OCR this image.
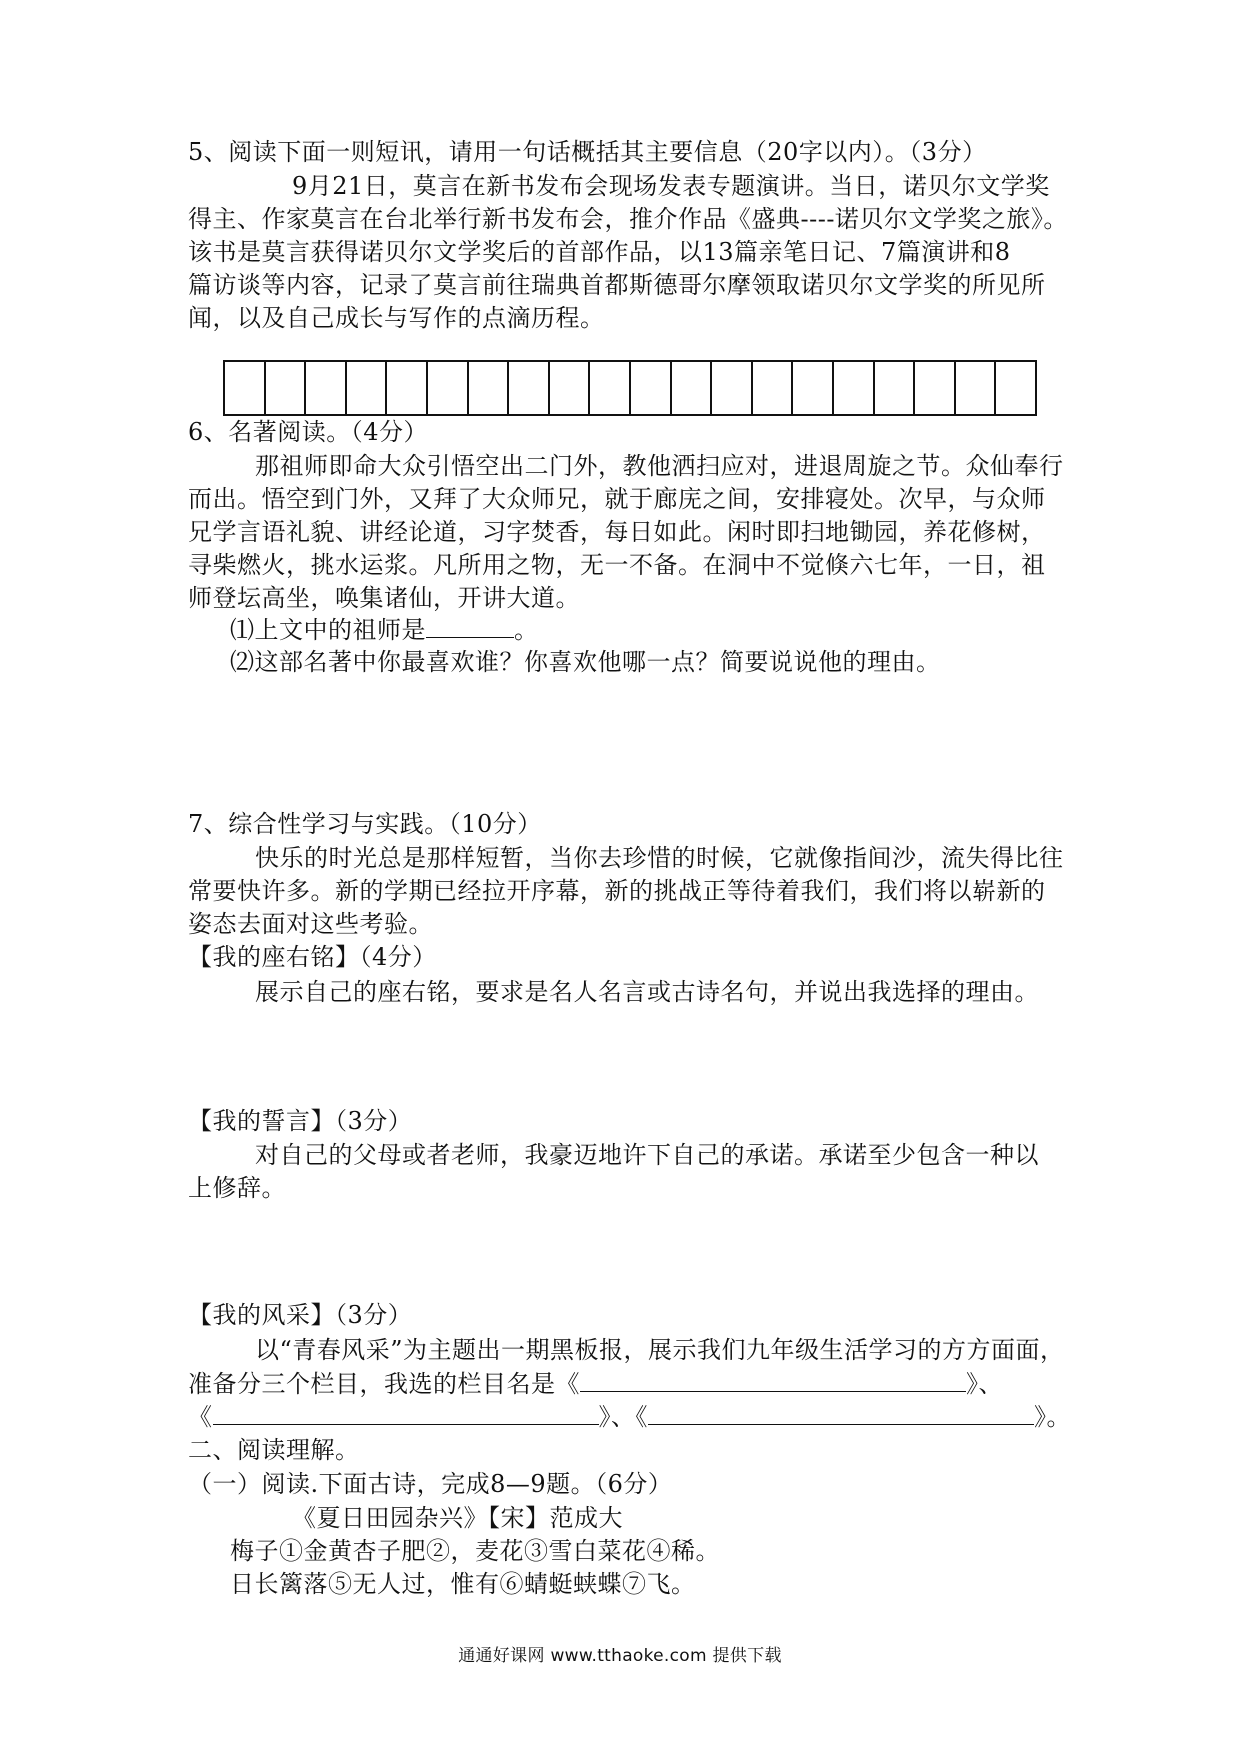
5、阅读下面一则短讯，请用一句话概括其主要信息（20字以内）。（3分）

9月21日，莫言在新书发布会现场发表专题演讲。当日，诺贝尔文学奖

得主、作家莫言在台北举行新书发布会，推介作品《盛典----诺贝尔文学奖之旅》。

该书是莫言获得诺贝尔文学奖后的首部作品，以13篇亲笔日记、7篇演讲和8

篇访谈等内容，记录了莫言前往瑞典首都斯德哥尔摩领取诺贝尔文学奖的所见所

闻，以及自己成长与写作的点滴历程。

6、名著阅读。（4分）

那祖师即命大众引悟空出二门外，教他洒扫应对，进退周旋之节。众仙奉行

而出。悟空到门外，又拜了大众师兄，就于廊庑之间，安排寝处。次早，与众师

兄学言语礼貌、讲经论道，习字焚香，每日如此。闲时即扫地锄园，养花修树，

寻柴燃火，挑水运浆。凡所用之物，无一不备。在洞中不觉倏六七年，一日，祖

师登坛高坐，唤集诸仙，开讲大道。

⑴上文中的祖师是	。

⑵这部名著中你最喜欢谁？你喜欢他哪一点？简要说说他的理由。

7、综合性学习与实践。（10分）

快乐的时光总是那样短暂，当你去珍惜的时候，它就像指间沙，流失得比往

常要快许多。新的学期已经拉开序幕，新的挑战正等待着我们，我们将以崭新的

姿态去面对这些考验。

【我的座右铭】（4分）

展示自己的座右铭，要求是名人名言或古诗名句，并说出我选择的理由。

【我的誓言】（3分）

对自己的父母或者老师，我豪迈地许下自己的承诺。承诺至少包含一种以

上修辞。

【我的风采】（3分）

以“青春风采”为主题出一期黑板报，展示我们九年级生活学习的方方面面，

准备分三个栏目，我选的栏目名是《	》、

《	》、《	》。

二、阅读理解。

（一）阅读.下面古诗，完成8—9题。（6分）

《夏日田园杂兴》【宋】范成大

梅子①金黄杏子肥②，麦花③雪白菜花④稀。

日长篱落⑤无人过，惟有⑥蜻蜓蛱蝶⑦飞。

通通好课网 www.tthaoke.com 提供下载
